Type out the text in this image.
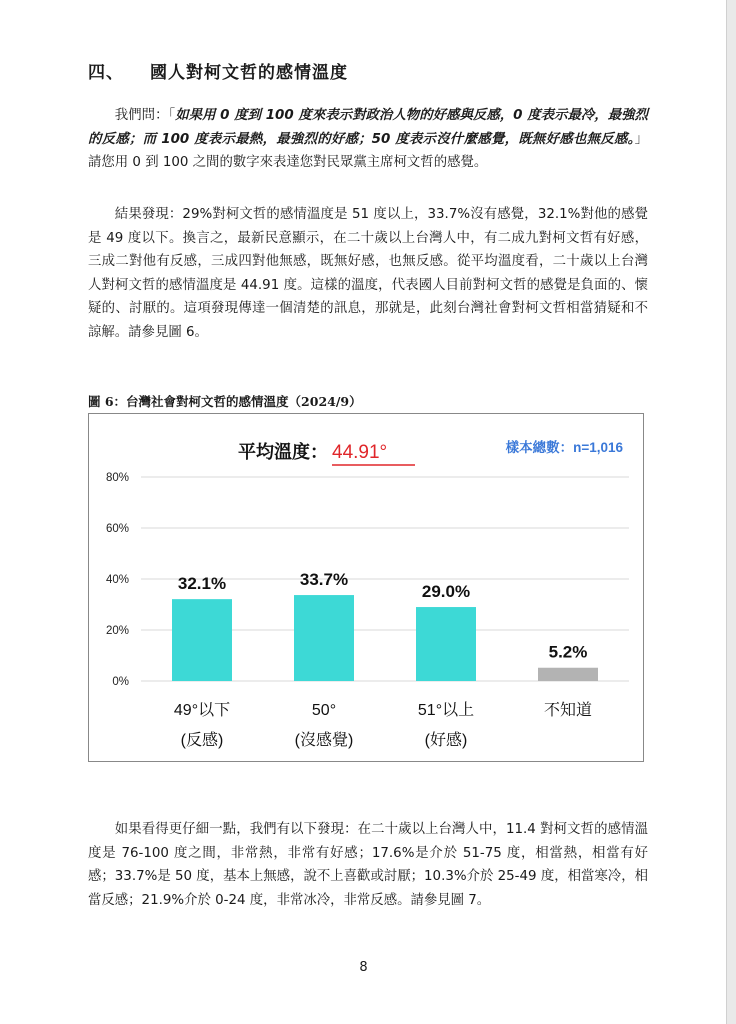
四、 國人對柯文哲的感情溫度
我們問：「如果用 0 度到 100 度來表示對政治人物的好感與反感，0 度表示最冷，最強烈的反感；而 100 度表示最熱，最強烈的好感；50 度表示沒什麼感覺，既無好感也無反感。」請您用 0 到 100 之間的數字來表達您對民眾黨主席柯文哲的感覺。
結果發現：29%對柯文哲的感情溫度是 51 度以上，33.7%沒有感覺，32.1%對他的感覺是 49 度以下。換言之，最新民意顯示，在二十歲以上台灣人中，有二成九對柯文哲有好感，三成二對他有反感，三成四對他無感，既無好感，也無反感。從平均溫度看，二十歲以上台灣人對柯文哲的感情溫度是 44.91 度。這樣的溫度，代表國人目前對柯文哲的感覺是負面的、懷疑的、討厭的。這項發現傳達一個清楚的訊息，那就是，此刻台灣社會對柯文哲相當猜疑和不諒解。請參見圖 6。
圖 6：台灣社會對柯文哲的感情溫度（2024/9）
平均溫度： 44.91°	樣本總數：n=1,016
0%
20%
40%
60%
80%
32.1%
49°以下
(反感)
33.7%
50°
(沒感覺)
29.0%
51°以上
(好感)
5.2%
不知道
如果看得更仔細一點，我們有以下發現：在二十歲以上台灣人中，11.4 對柯文哲的感情溫度是 76-100 度之間，非常熱，非常有好感；17.6%是介於 51-75 度，相當熱，相當有好感；33.7%是 50 度，基本上無感，說不上喜歡或討厭；10.3%介於 25-49 度，相當寒冷，相當反感；21.9%介於 0-24 度，非常冰冷，非常反感。請參見圖 7。
8
